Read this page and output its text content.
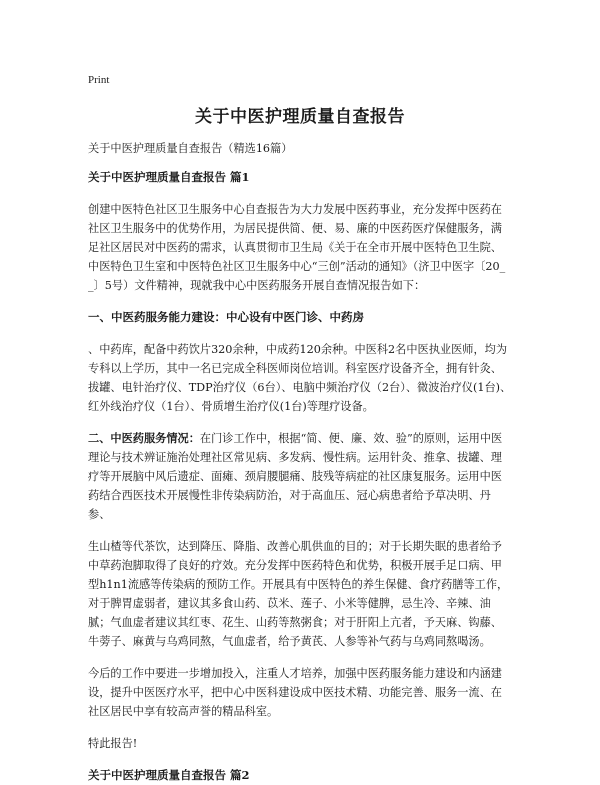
Print
关于中医护理质量自查报告
关于中医护理质量自查报告（精选16篇）
关于中医护理质量自查报告 篇1
创建中医特色社区卫生服务中心自查报告为大力发展中医药事业，充分发挥中医药在社区卫生服务中的优势作用，为居民提供简、便、易、廉的中医药医疗保健服务，满足社区居民对中医药的需求，认真贯彻市卫生局《关于在全市开展中医特色卫生院、中医特色卫生室和中医特色社区卫生服务中心“三创”活动的通知》（济卫中医字〔20__〕5号）文件精神，现就我中心中医药服务开展自查情况报告如下：
一、中医药服务能力建设：中心设有中医门诊、中药房
、中药库，配备中药饮片320余种，中成药120余种。中医科2名中医执业医师，均为专科以上学历，其中一名已完成全科医师岗位培训。科室医疗设备齐全，拥有针灸、拔罐、电针治疗仪、TDP治疗仪（6台）、电脑中频治疗仪（2台）、微波治疗仪(1台)、红外线治疗仪（1台）、骨质增生治疗仪(1台)等理疗设备。
二、中医药服务情况：在门诊工作中，根据“简、便、廉、效、验”的原则，运用中医理论与技术辨证施治处理社区常见病、多发病、慢性病。运用针灸、推拿、拔罐、理疗等开展脑中风后遗症、面瘫、颈肩腰腿痛、肢残等病症的社区康复服务。运用中医药结合西医技术开展慢性非传染病防治，对于高血压、冠心病患者给予草决明、丹参、
生山楂等代茶饮，达到降压、降脂、改善心肌供血的目的；对于长期失眠的患者给予中草药泡脚取得了良好的疗效。充分发挥中医药特色和优势，积极开展手足口病、甲型h1n1流感等传染病的预防工作。开展具有中医特色的养生保健、食疗药膳等工作，对于脾胃虚弱者，建议其多食山药、苡米、莲子、小米等健脾，忌生冷、辛辣、油腻；气血虚者建议其红枣、花生、山药等熬粥食；对于肝阳上亢者，予天麻、钩藤、牛蒡子、麻黄与乌鸡同熬，气血虚者，给予黄芪、人参等补气药与乌鸡同熬喝汤。
今后的工作中要进一步增加投入，注重人才培养，加强中医药服务能力建设和内涵建设，提升中医医疗水平，把中心中医科建设成中医技术精、功能完善、服务一流、在社区居民中享有较高声誉的精品科室。
特此报告!
关于中医护理质量自查报告 篇2
